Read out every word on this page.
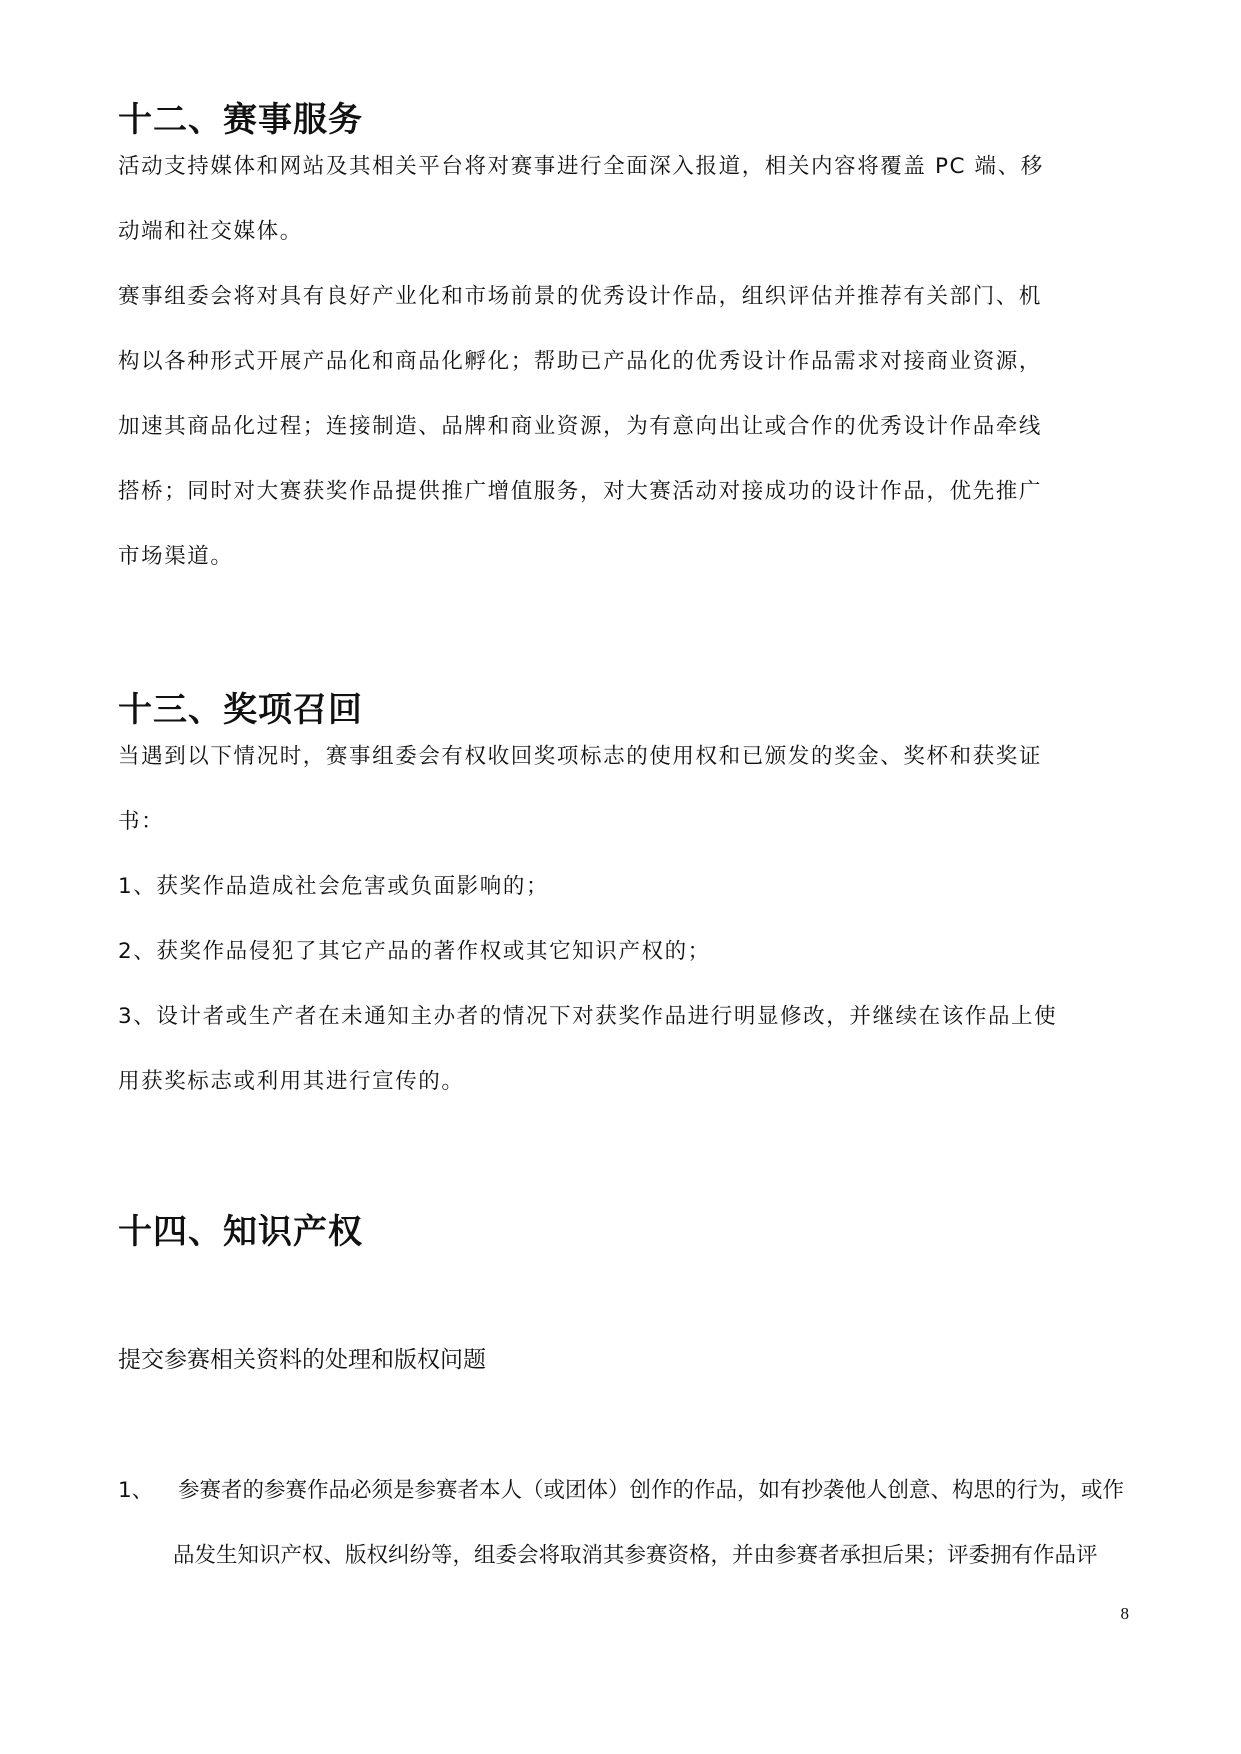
十二、赛事服务
活动支持媒体和网站及其相关平台将对赛事进行全面深入报道，相关内容将覆盖 PC 端、移
动端和社交媒体。
赛事组委会将对具有良好产业化和市场前景的优秀设计作品，组织评估并推荐有关部门、机
构以各种形式开展产品化和商品化孵化；帮助已产品化的优秀设计作品需求对接商业资源，
加速其商品化过程；连接制造、品牌和商业资源，为有意向出让或合作的优秀设计作品牵线
搭桥；同时对大赛获奖作品提供推广增值服务，对大赛活动对接成功的设计作品，优先推广
市场渠道。
十三、奖项召回
当遇到以下情况时，赛事组委会有权收回奖项标志的使用权和已颁发的奖金、奖杯和获奖证
书：
1、获奖作品造成社会危害或负面影响的；
2、获奖作品侵犯了其它产品的著作权或其它知识产权的；
3、设计者或生产者在未通知主办者的情况下对获奖作品进行明显修改，并继续在该作品上使
用获奖标志或利用其进行宣传的。
十四、知识产权
提交参赛相关资料的处理和版权问题
1、 参赛者的参赛作品必须是参赛者本人（或团体）创作的作品，如有抄袭他人创意、构思的行为，或作
品发生知识产权、版权纠纷等，组委会将取消其参赛资格，并由参赛者承担后果；评委拥有作品评
8
